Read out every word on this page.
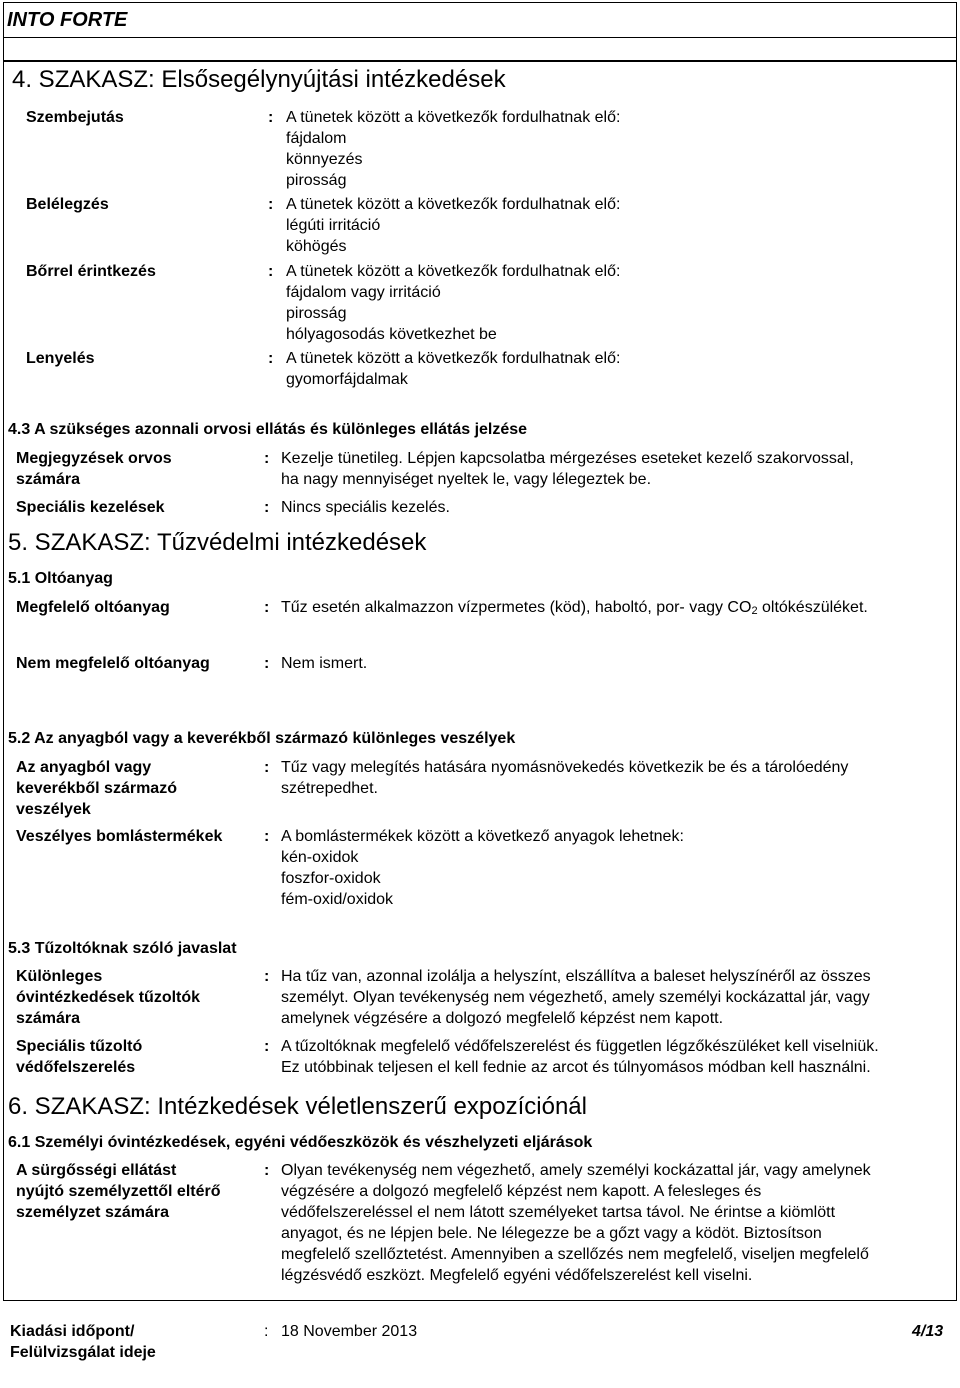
INTO FORTE
4. SZAKASZ: Elsősegélynyújtási intézkedések
Szembejutás	: A tünetek között a következők fordulhatnak elő:
fájdalom
könnyezés
pirosság
Belélegzés	: A tünetek között a következők fordulhatnak elő:
légúti irritáció
köhögés
Bőrrel érintkezés	: A tünetek között a következők fordulhatnak elő:
fájdalom vagy irritáció
pirosság
hólyagosodás következhet be
Lenyelés	: A tünetek között a következők fordulhatnak elő:
gyomorfájdalmak
4.3 A szükséges azonnali orvosi ellátás és különleges ellátás jelzése
Megjegyzések orvos
számára
: Kezelje tünetileg. Lépjen kapcsolatba mérgezéses eseteket kezelő szakorvossal,
ha nagy mennyiséget nyeltek le, vagy lélegeztek be.
Speciális kezelések	: Nincs speciális kezelés.
5. SZAKASZ: Tűzvédelmi intézkedések
5.1 Oltóanyag
Megfelelő oltóanyag	: Tűz esetén alkalmazzon vízpermetes (köd), haboltó, por- vagy CO2 oltókészüléket.
Nem megfelelő oltóanyag	: Nem ismert.
5.2 Az anyagból vagy a keverékből származó különleges veszélyek
Az anyagból vagy
keverékből származó
veszélyek
: Tűz vagy melegítés hatására nyomásnövekedés következik be és a tárolóedény
szétrepedhet.
Veszélyes bomlástermékek	: A bomlástermékek között a következő anyagok lehetnek:
kén-oxidok
foszfor-oxidok
fém-oxid/oxidok
5.3 Tűzoltóknak szóló javaslat
Különleges
óvintézkedések tűzoltók
számára
: Ha tűz van, azonnal izolálja a helyszínt, elszállítva a baleset helyszínéről az összes
személyt. Olyan tevékenység nem végezhető, amely személyi kockázattal jár, vagy
amelynek végzésére a dolgozó megfelelő képzést nem kapott.
Speciális tűzoltó
védőfelszerelés
: A tűzoltóknak megfelelő védőfelszerelést és független légzőkészüléket kell viselniük.
Ez utóbbinak teljesen el kell fednie az arcot és túlnyomásos módban kell használni.
6. SZAKASZ: Intézkedések véletlenszerű expozíciónál
6.1 Személyi óvintézkedések, egyéni védőeszközök és vészhelyzeti eljárások
A sürgősségi ellátást
nyújtó személyzettől eltérő
személyzet számára
: Olyan tevékenység nem végezhető, amely személyi kockázattal jár, vagy amelynek
végzésére a dolgozó megfelelő képzést nem kapott. A felesleges és
védőfelszereléssel el nem látott személyeket tartsa távol. Ne érintse a kiömlött
anyagot, és ne lépjen bele. Ne lélegezze be a gőzt vagy a ködöt. Biztosítson
megfelelő szellőztetést. Amennyiben a szellőzés nem megfelelő, viseljen megfelelő
légzésvédő eszközt. Megfelelő egyéni védőfelszerelést kell viselni.
Kiadási időpont/
Felülvizsgálat ideje
: 18 November 2013	4/13
